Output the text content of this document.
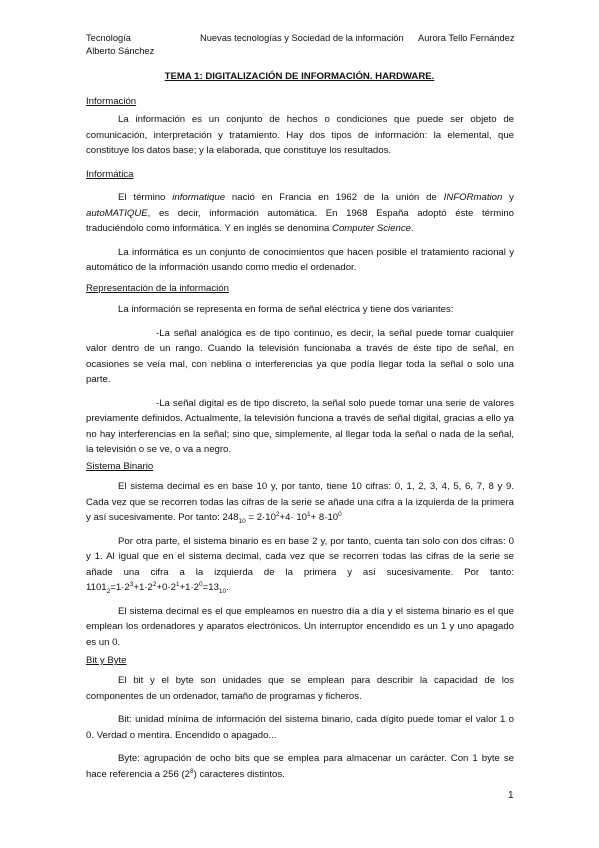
Tecnología	Nuevas tecnologías y Sociedad de la información Aurora Tello Fernández
Alberto Sánchez
TEMA 1: DIGITALIZACIÓN DE INFORMACIÓN. HARDWARE.
Información

La información es un conjunto de hechos o condiciones que puede ser objeto de comunicación, interpretación y tratamiento. Hay dos tipos de información: la elemental, que constituye los datos base; y la elaborada, que constituye los resultados.

Informática

El término informatique nació en Francia en 1962 de la unión de INFORmation y autoMATIQUE, es decir, información automática. En 1968 España adoptó éste término traduciéndolo como informática. Y en inglés se denomina Computer Science.

La informática es un conjunto de conocimientos que hacen posible el tratamiento racional y automático de la información usando como medio el ordenador.

Representación de la información

La información se representa en forma de señal eléctrica y tiene dos variantes:

-La señal analógica es de tipo continuo, es decir, la señal puede tomar cualquier valor dentro de un rango. Cuando la televisión funcionaba a través de éste tipo de señal, en ocasiones se veía mal, con neblina o interferencias ya que podía llegar toda la señal o solo una parte.

-La señal digital es de tipo discreto, la señal solo puede tomar una serie de valores previamente definidos. Actualmente, la televisión funciona a través de señal digital, gracias a ello ya no hay interferencias en la señal; sino que, simplemente, al llegar toda la señal o nada de la señal, la televisión o se ve, o va a negro.

Sistema Binario

El sistema decimal es en base 10 y, por tanto, tiene 10 cifras: 0, 1, 2, 3, 4, 5, 6, 7, 8 y 9. Cada vez que se recorren todas las cifras de la serie se añade una cifra a la izquierda de la primera y así sucesivamente. Por tanto: $248_{10} = 2\cdot 10^2+4\cdot 10^1+ 8\cdot 10^0$

Por otra parte, el sistema binario es en base 2 y, por tanto, cuenta tan solo con dos cifras: 0 y 1. Al igual que en el sistema decimal, cada vez que se recorren todas las cifras de la serie se añade una cifra a la izquierda de la primera y así sucesivamente. Por tanto: $1101_2=1\cdot 2^3+1\cdot 2^2+0\cdot 2^1+1\cdot 2^0=13_{10}$.

El sistema decimal es el que empleamos en nuestro día a día y el sistema binario es el que emplean los ordenadores y aparatos electrónicos. Un interruptor encendido es un 1 y uno apagado es un 0.

Bit y Byte

El bit y el byte son unidades que se emplean para describir la capacidad de los componentes de un ordenador, tamaño de programas y ficheros.

Bit: unidad mínima de información del sistema binario, cada dígito puede tomar el valor 1 o 0. Verdad o mentira. Encendido o apagado...

Byte: agrupación de ocho bits que se emplea para almacenar un carácter. Con 1 byte se hace referencia a 256 $(2^8)$ caracteres distintos.

1
